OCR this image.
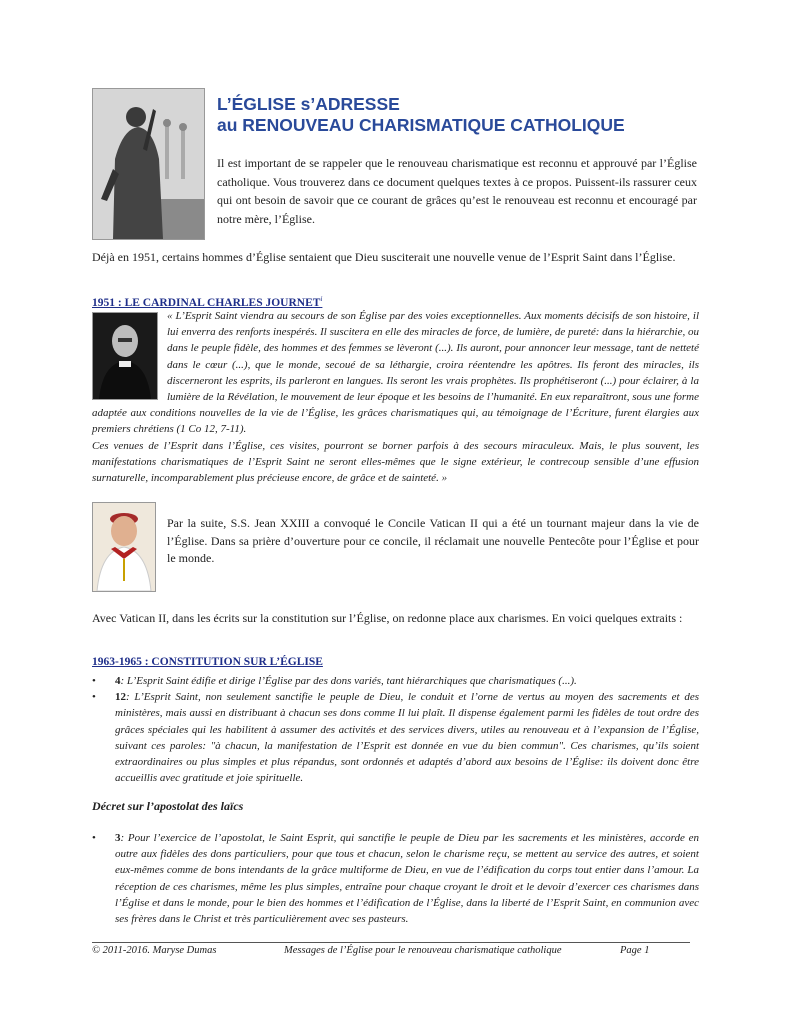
L’ÉGLISE s’ADRESSE
au RENOUVEAU CHARISMATIQUE CATHOLIQUE
Il est important de se rappeler que le renouveau charismatique est reconnu et approuvé par l’Église catholique. Vous trouverez dans ce document quelques textes à ce propos. Puissent-ils rassurer ceux qui ont besoin de savoir que ce courant de grâces qu’est le renouveau est reconnu et encouragé par notre mère, l’Église.
Déjà en 1951, certains hommes d’Église sentaient que Dieu susciterait une nouvelle venue de l’Esprit Saint dans l’Église.
1951 : LE CARDINAL CHARLES JOURNET$^i$
« L’Esprit Saint viendra au secours de son Église par des voies exceptionnelles. Aux moments décisifs de son histoire, il lui enverra des renforts inespérés. Il suscitera en elle des miracles de force, de lumière, de pureté: dans la hiérarchie, ou dans le peuple fidèle, des hommes et des femmes se lèveront (...). Ils auront, pour annoncer leur message, tant de netteté dans le cœur (...), que le monde, secoué de sa léthargie, croira réentendre les apôtres. Ils feront des miracles, ils discerneront les esprits, ils parleront en langues. Ils seront les vrais prophètes. Ils prophétiseront (...) pour éclairer, à la lumière de la Révélation, le mouvement de leur époque et les besoins de l’humanité. En eux reparaîtront, sous une forme adaptée aux conditions nouvelles de la vie de l’Église, les grâces charismatiques qui, au témoignage de l’Écriture, furent élargies aux premiers chrétiens (1 Co 12, 7-11).
Ces venues de l’Esprit dans l’Église, ces visites, pourront se borner parfois à des secours miraculeux. Mais, le plus souvent, les manifestations charismatiques de l’Esprit Saint ne seront elles-mêmes que le signe extérieur, le contrecoup sensible d’une effusion surnaturelle, incomparablement plus précieuse encore, de grâce et de sainteté. »
Par la suite, S.S. Jean XXIII a convoqué le Concile Vatican II qui a été un tournant majeur dans la vie de l’Église. Dans sa prière d’ouverture pour ce concile, il réclamait une nouvelle Pentecôte pour l’Église et pour le monde.
Avec Vatican II, dans les écrits sur la constitution sur l’Église, on redonne place aux charismes. En voici quelques extraits :
1963-1965 : CONSTITUTION SUR L’ÉGLISE
• 4: L’Esprit Saint édifie et dirige l’Église par des dons variés, tant hiérarchiques que charismatiques (...).
• 12: L’Esprit Saint, non seulement sanctifie le peuple de Dieu, le conduit et l’orne de vertus au moyen des sacrements et des ministères, mais aussi en distribuant à chacun ses dons comme Il lui plaît. Il dispense également parmi les fidèles de tout ordre des grâces spéciales qui les habilitent à assumer des activités et des services divers, utiles au renouveau et à l’expansion de l’Église, suivant ces paroles: "à chacun, la manifestation de l’Esprit est donnée en vue du bien commun". Ces charismes, qu’ils soient extraordinaires ou plus simples et plus répandus, sont ordonnés et adaptés d’abord aux besoins de l’Église: ils doivent donc être accueillis avec gratitude et joie spirituelle.
Décret sur l’apostolat des laïcs
• 3: Pour l’exercice de l’apostolat, le Saint Esprit, qui sanctifie le peuple de Dieu par les sacrements et les ministères, accorde en outre aux fidèles des dons particuliers, pour que tous et chacun, selon le charisme reçu, se mettent au service des autres, et soient eux-mêmes comme de bons intendants de la grâce multiforme de Dieu, en vue de l’édification du corps tout entier dans l’amour. La réception de ces charismes, même les plus simples, entraîne pour chaque croyant le droit et le devoir d’exercer ces charismes dans l’Église et dans le monde, pour le bien des hommes et l’édification de l’Église, dans la liberté de l’Esprit Saint, en communion avec ses frères dans le Christ et très particulièrement avec ses pasteurs.
© 2011-2016. Maryse Dumas	Messages de l’Église pour le renouveau charismatique catholique	Page 1
